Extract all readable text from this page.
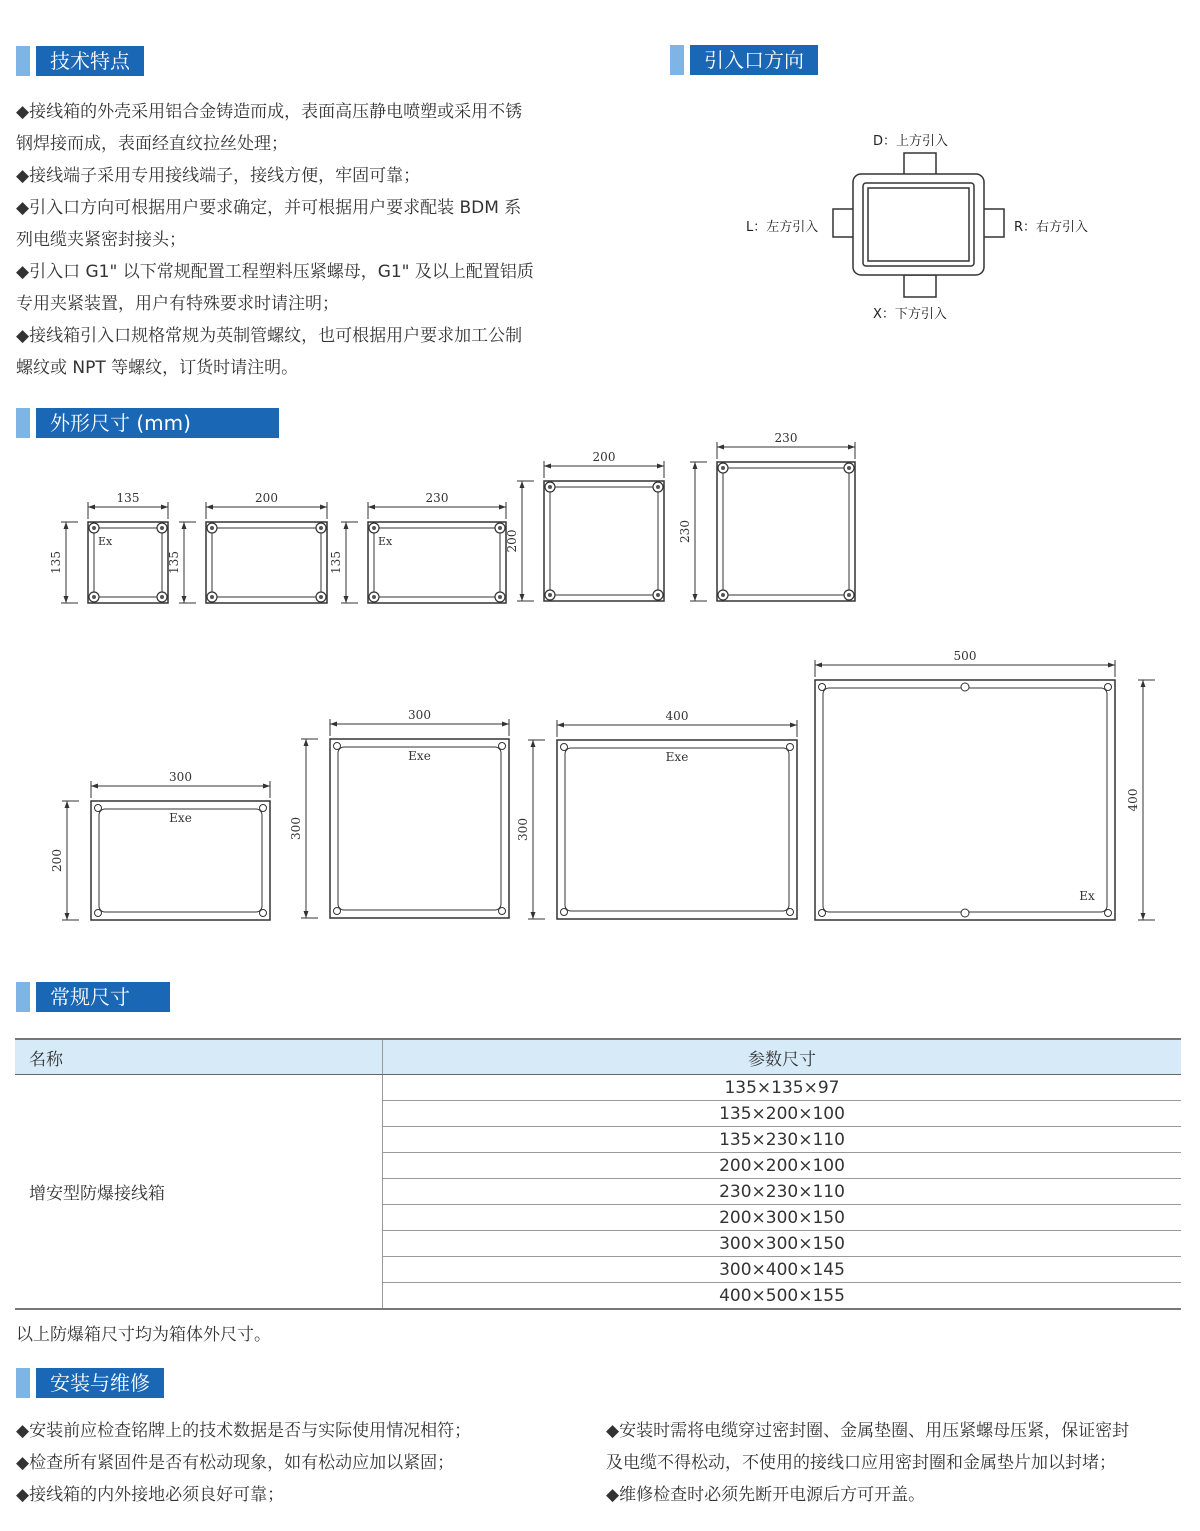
技术特点	引入口方向
外形尺寸 (mm)
常规尺寸
安装与维修
◆接线箱的外壳采用铝合金铸造而成，表面高压静电喷塑或采用不锈
钢焊接而成，表面经直纹拉丝处理；
◆接线端子采用专用接线端子，接线方便，牢固可靠；
◆引入口方向可根据用户要求确定，并可根据用户要求配装 BDM 系
列电缆夹紧密封接头；
◆引入口 G1" 以下常规配置工程塑料压紧螺母，G1" 及以上配置铝质
专用夹紧装置，用户有特殊要求时请注明；
◆接线箱引入口规格常规为英制管螺纹，也可根据用户要求加工公制
螺纹或 NPT 等螺纹，订货时请注明。
D：上方引入
L：左方引入	R：右方引入
X：下方引入
Ex
135
135
200
135
Ex
230
135
200
200
230
230
Exe
300
200
Exe
300
300
Exe
400
300
Ex
500
400
名称	参数尺寸
增安型防爆接线箱	135×135×97
	135×200×100
	135×230×110
	200×200×100
	230×230×110
	200×300×150
	300×300×150
	300×400×145
	400×500×155
以上防爆箱尺寸均为箱体外尺寸。
◆安装前应检查铭牌上的技术数据是否与实际使用情况相符；
◆检查所有紧固件是否有松动现象，如有松动应加以紧固；
◆接线箱的内外接地必须良好可靠；
◆安装时需将电缆穿过密封圈、金属垫圈、用压紧螺母压紧，保证密封
及电缆不得松动，不使用的接线口应用密封圈和金属垫片加以封堵；
◆维修检查时必须先断开电源后方可开盖。
